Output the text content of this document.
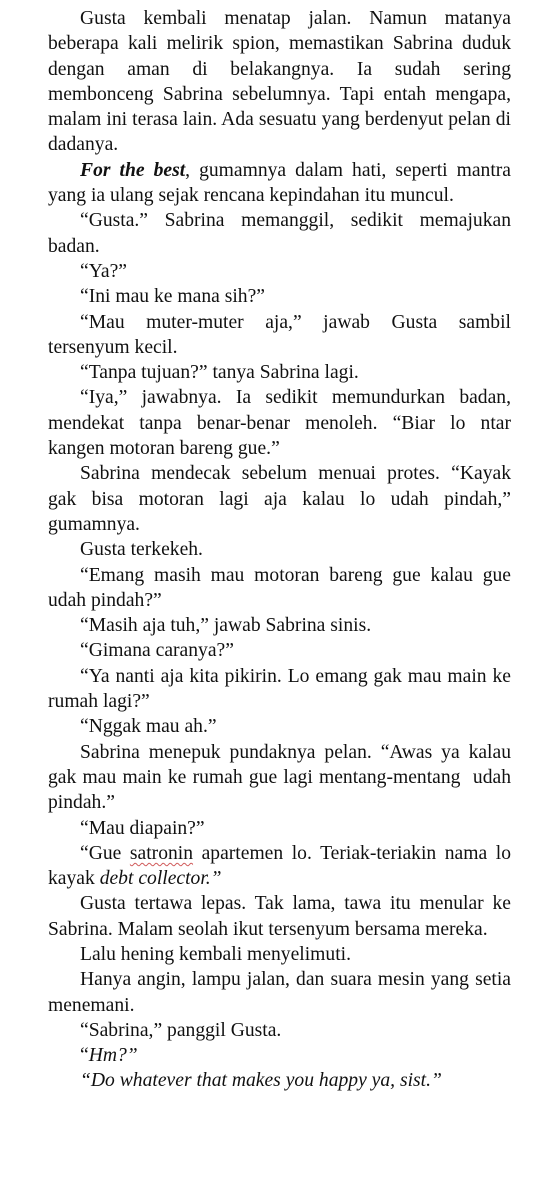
Gusta kembali menatap jalan. Namun matanya beberapa kali melirik spion, memastikan Sabrina duduk dengan aman di belakangnya. Ia sudah sering membonceng Sabrina sebelumnya. Tapi entah mengapa, malam ini terasa lain. Ada sesuatu yang berdenyut pelan di dadanya.

For the best, gumamnya dalam hati, seperti mantra yang ia ulang sejak rencana kepindahan itu muncul.

“Gusta.” Sabrina memanggil, sedikit memajukan badan.

“Ya?”

“Ini mau ke mana sih?”

“Mau muter-muter aja,” jawab Gusta sambil tersenyum kecil.

“Tanpa tujuan?” tanya Sabrina lagi.

“Iya,” jawabnya. Ia sedikit memundurkan badan, mendekat tanpa benar-benar menoleh. “Biar lo ntar kangen motoran bareng gue.”

Sabrina mendecak sebelum menuai protes. “Kayak gak bisa motoran lagi aja kalau lo udah pindah,” gumamnya.

Gusta terkekeh.

“Emang masih mau motoran bareng gue kalau gue udah pindah?”

“Masih aja tuh,” jawab Sabrina sinis.

“Gimana caranya?”

“Ya nanti aja kita pikirin. Lo emang gak mau main ke rumah lagi?”

“Nggak mau ah.”

Sabrina menepuk pundaknya pelan. “Awas ya kalau gak mau main ke rumah gue lagi mentang-mentang  udah pindah.”

“Mau diapain?”

“Gue satronin apartemen lo. Teriak-teriakin nama lo kayak debt collector.”

Gusta tertawa lepas. Tak lama, tawa itu menular ke Sabrina. Malam seolah ikut tersenyum bersama mereka.

Lalu hening kembali menyelimuti.

Hanya angin, lampu jalan, dan suara mesin yang setia menemani.

“Sabrina,” panggil Gusta.

“Hm?”

“Do whatever that makes you happy ya, sist.”
